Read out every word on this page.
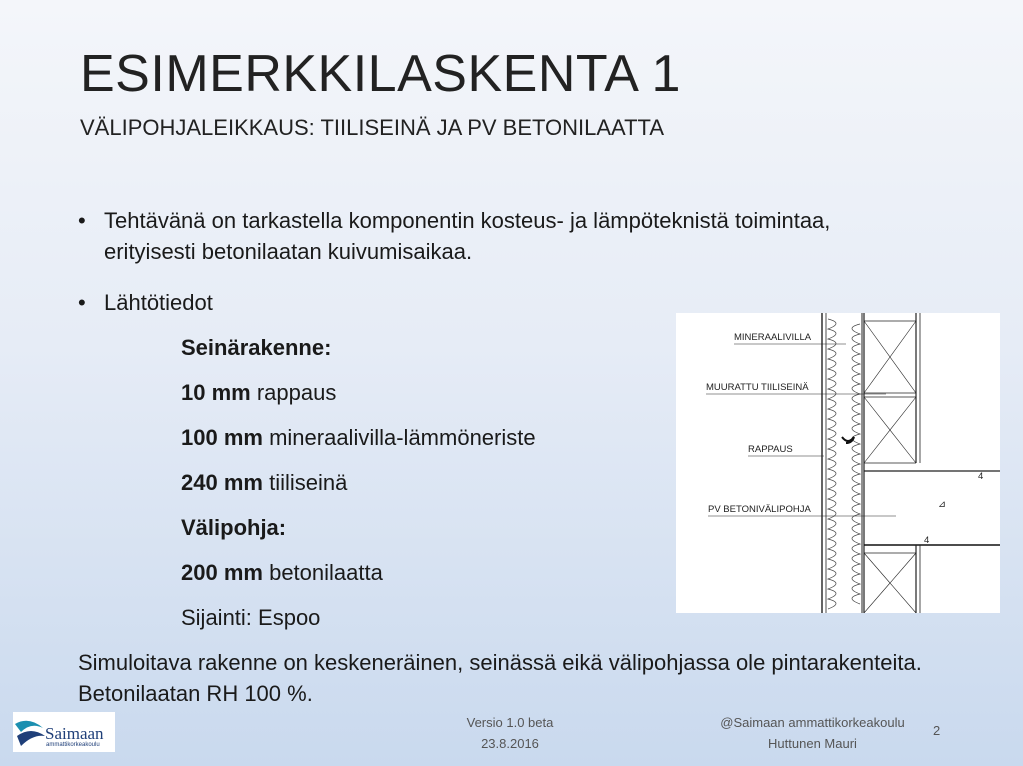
ESIMERKKILASKENTA 1
VÄLIPOHJALEIKKAUS: TIILISEINÄ JA PV BETONILAATTA
• Tehtävänä on tarkastella komponentin kosteus- ja lämpöteknistä toimintaa, erityisesti betonilaatan kuivumisaikaa.
• Lähtötiedot
Seinärakenne:
10 mm rappaus
100 mm mineraalivilla-lämmöneriste
240 mm tiiliseinä
Välipohja:
200 mm betonilaatta
Sijainti: Espoo
4
⊿
4
MINERAALIVILLA
MUURATTU TIILISEINÄ
RAPPAUS
PV BETONIVÄLIPOHJA
Simuloitava rakenne on keskeneräinen, seinässä eikä välipohjassa ole pintarakenteita. Betonilaatan RH 100 %.
Saimaan
ammattikorkeakoulu
Versio 1.0 beta
23.8.2016
@Saimaan ammattikorkeakoulu
Huttunen Mauri
2
